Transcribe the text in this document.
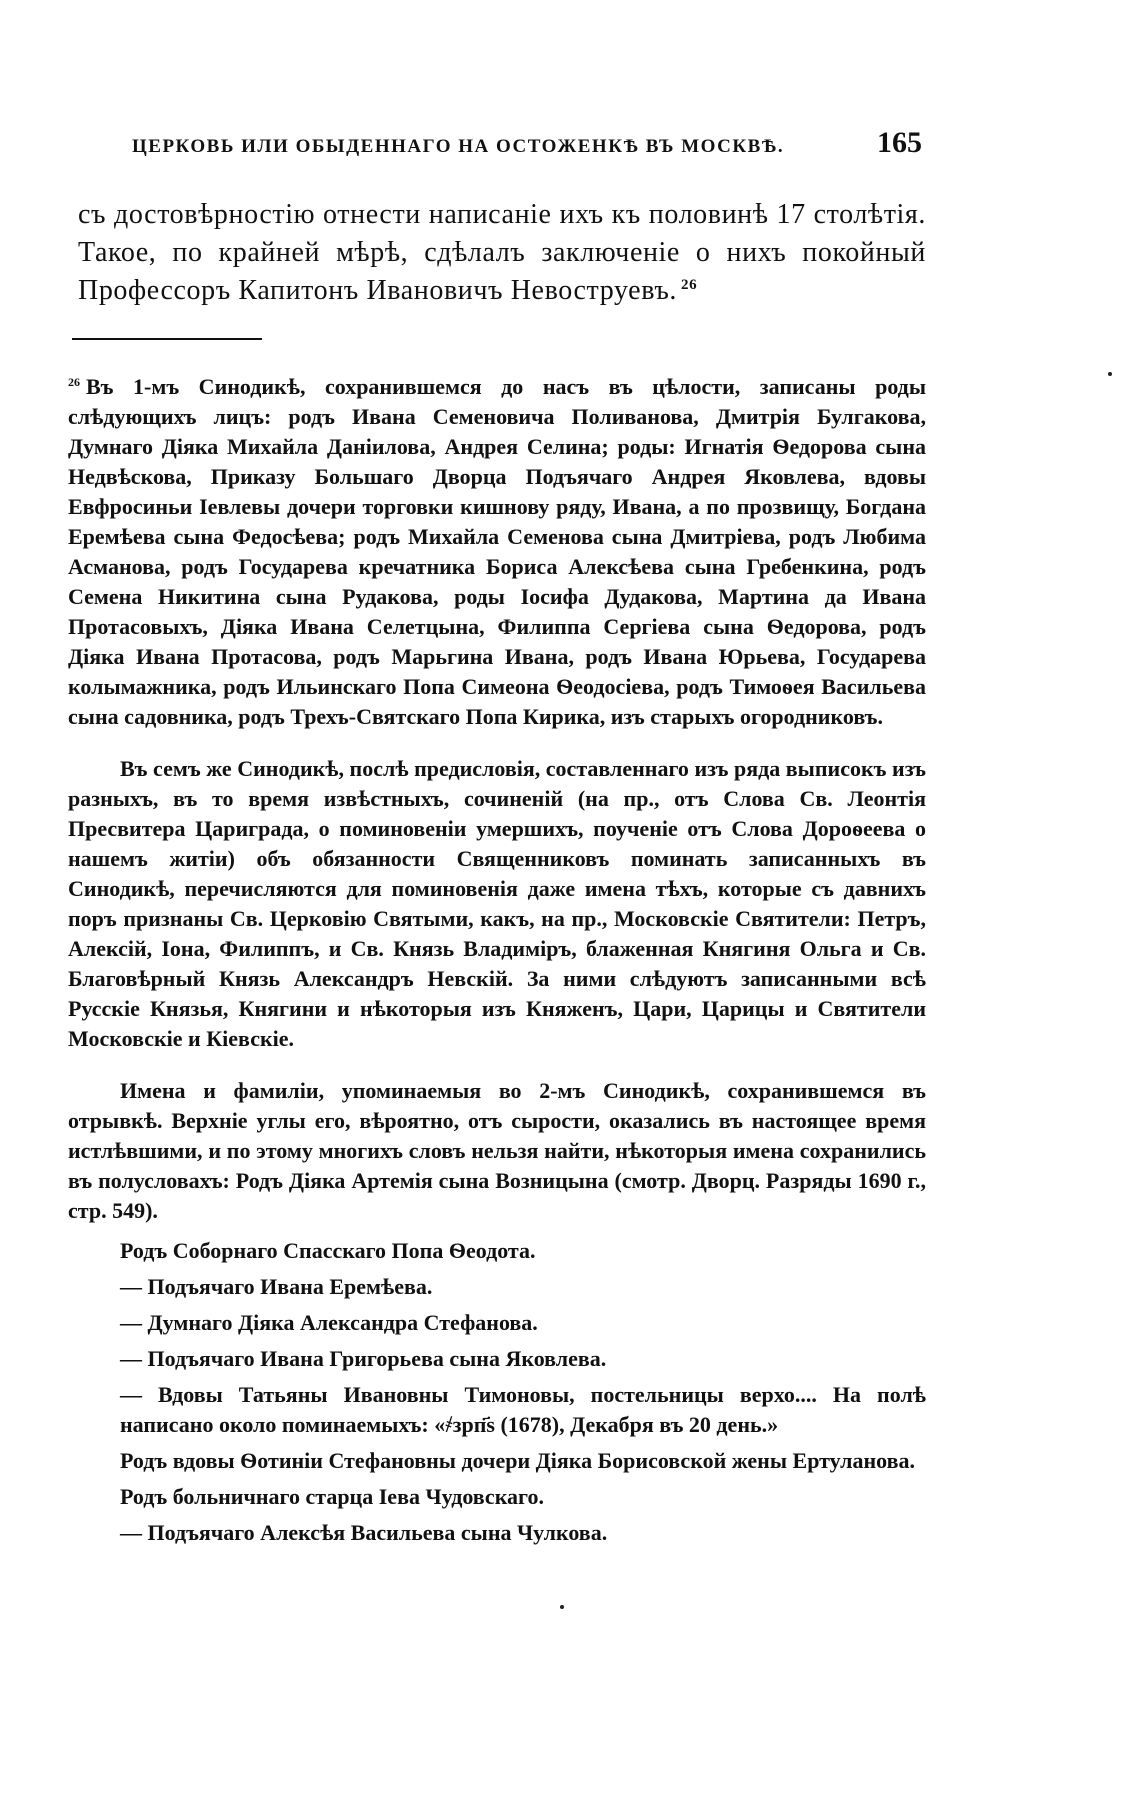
ЦЕРКОВЬ ИЛИ ОБЫДЕННАГО НА ОСТОЖЕНКѢ ВЪ МОСКВѢ.	165

съ достовѣрностію отнести написаніе ихъ къ половинѣ 17 столѣтія. Такое, по крайней мѣрѣ, сдѣлалъ заключеніе о нихъ покойный Профессоръ Капитонъ Ивановичъ Невоструевъ. $^{26}$

$^{26}$ Въ 1-мъ Синодикѣ, сохранившемся до насъ въ цѣлости, записаны роды слѣдующихъ лицъ: родъ Ивана Семеновича Поливанова, Дмитрія Булгакова, Думнаго Діяка Михайла Даніилова, Андрея Селина; роды: Игнатія Ѳедорова сына Недвѣскова, Приказу Большаго Дворца Подъячаго Андрея Яковлева, вдовы Евфросиньи Іевлевы дочери торговки кишнову ряду, Ивана, а по прозвищу, Богдана Еремѣева сына Федосѣева; родъ Михайла Семенова сына Дмитріева, родъ Любима Асманова, родъ Государева кречатника Бориса Алексѣева сына Гребенкина, родъ Семена Никитина сына Рудакова, роды Іосифа Дудакова, Мартина да Ивана Протасовыхъ, Діяка Ивана Селетцына, Филиппа Сергіева сына Ѳедорова, родъ Діяка Ивана Протасова, родъ Марьгина Ивана, родъ Ивана Юрьева, Государева колымажника, родъ Ильинскаго Попа Симеона Ѳеодосіева, родъ Тимоѳея Васильева сына садовника, родъ Трехъ-Святскаго Попа Кирика, изъ старыхъ огородниковъ.

Въ семъ же Синодикѣ, послѣ предисловія, составленнаго изъ ряда выписокъ изъ разныхъ, въ то время извѣстныхъ, сочиненій (на пр., отъ Слова Св. Леонтія Пресвитера Цариграда, о поминовеніи умершихъ, поученіе отъ Слова Дороѳеева о нашемъ житіи) объ обязанности Священниковъ поминать записанныхъ въ Синодикѣ, перечисляются для поминовенія даже имена тѣхъ, которые съ давнихъ поръ признаны Св. Церковію Святыми, какъ, на пр., Московскіе Святители: Петръ, Алексій, Іона, Филиппъ, и Св. Князь Владиміръ, блаженная Княгиня Ольга и Св. Благовѣрный Князь Александръ Невскій. За ними слѣдуютъ записанными всѣ Русскіе Князья, Княгини и нѣкоторыя изъ Княженъ, Цари, Царицы и Святители Московскіе и Кіевскіе.

Имена и фамиліи, упоминаемыя во 2-мъ Синодикѣ, сохранившемся въ отрывкѣ. Верхніе углы его, вѣроятно, отъ сырости, оказались въ настоящее время истлѣвшими, и по этому многихъ словъ нельзя найти, нѣкоторыя имена сохранились въ полусловахъ: Родъ Діяка Артемія сына Возницына (смотр. Дворц. Разряды 1690 г., стр. 549).

Родъ Соборнаго Спасскаго Попа Ѳеодота.

— Подъячаго Ивана Еремѣева.

— Думнаго Діяка Александра Стефанова.

— Подъячаго Ивана Григорьева сына Яковлева.

— Вдовы Татьяны Ивановны Тимоновы, постельницы верхо.... На полѣ написано около поминаемыхъ: «҂зрп҃s (1678), Декабря въ 20 день.»

Родъ вдовы Ѳотиніи Стефановны дочери Діяка Борисовской жены Ертуланова.

Родъ больничнаго старца Іева Чудовскаго.

— Подъячаго Алексѣя Васильева сына Чулкова.
